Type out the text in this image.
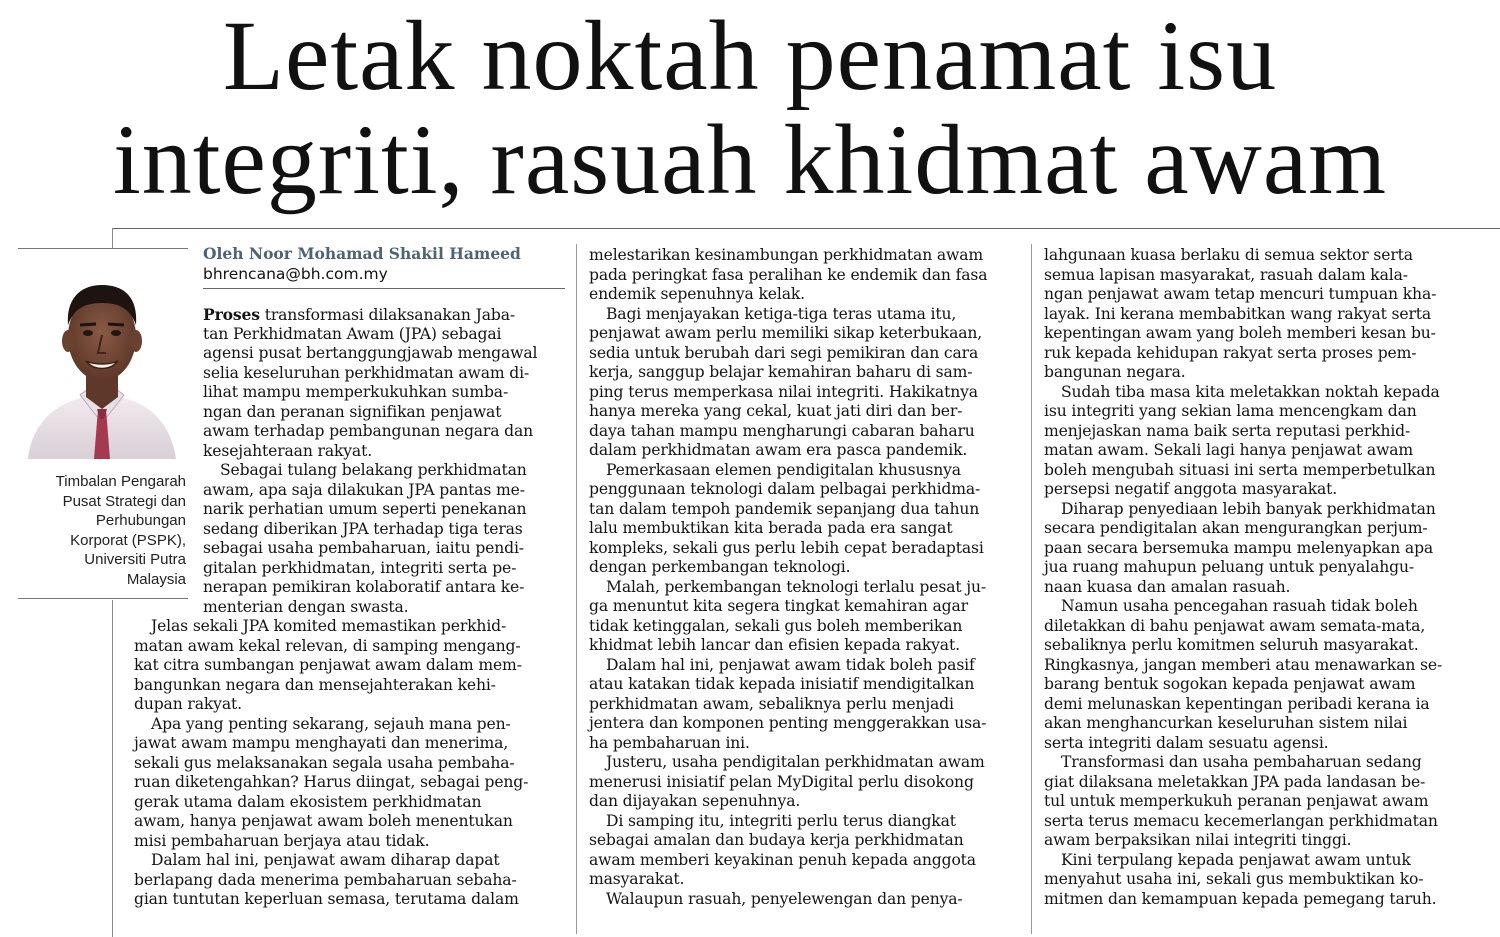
Letak noktah penamat isu
integriti, rasuah khidmat awam
Timbalan Pengarah
Pusat Strategi dan
Perhubungan
Korporat (PSPK),
Universiti Putra
Malaysia
Oleh Noor Mohamad Shakil Hameed
bhrencana@bh.com.my
Proses transformasi dilaksanakan Jaba-
tan Perkhidmatan Awam (JPA) sebagai
agensi pusat bertanggungjawab mengawal
selia keseluruhan perkhidmatan awam di-
lihat mampu memperkukuhkan sumba-
ngan dan peranan signifikan penjawat
awam terhadap pembangunan negara dan
kesejahteraan rakyat.
Sebagai tulang belakang perkhidmatan
awam, apa saja dilakukan JPA pantas me-
narik perhatian umum seperti penekanan
sedang diberikan JPA terhadap tiga teras
sebagai usaha pembaharuan, iaitu pendi-
gitalan perkhidmatan, integriti serta pe-
nerapan pemikiran kolaboratif antara ke-
menterian dengan swasta.
Jelas sekali JPA komited memastikan perkhid-
matan awam kekal relevan, di samping mengang-
kat citra sumbangan penjawat awam dalam mem-
bangunkan negara dan mensejahterakan kehi-
dupan rakyat.
Apa yang penting sekarang, sejauh mana pen-
jawat awam mampu menghayati dan menerima,
sekali gus melaksanakan segala usaha pembaha-
ruan diketengahkan? Harus diingat, sebagai peng-
gerak utama dalam ekosistem perkhidmatan
awam, hanya penjawat awam boleh menentukan
misi pembaharuan berjaya atau tidak.
Dalam hal ini, penjawat awam diharap dapat
berlapang dada menerima pembaharuan sebaha-
gian tuntutan keperluan semasa, terutama dalam
melestarikan kesinambungan perkhidmatan awam
pada peringkat fasa peralihan ke endemik dan fasa
endemik sepenuhnya kelak.
Bagi menjayakan ketiga-tiga teras utama itu,
penjawat awam perlu memiliki sikap keterbukaan,
sedia untuk berubah dari segi pemikiran dan cara
kerja, sanggup belajar kemahiran baharu di sam-
ping terus memperkasa nilai integriti. Hakikatnya
hanya mereka yang cekal, kuat jati diri dan ber-
daya tahan mampu mengharungi cabaran baharu
dalam perkhidmatan awam era pasca pandemik.
Pemerkasaan elemen pendigitalan khususnya
penggunaan teknologi dalam pelbagai perkhidma-
tan dalam tempoh pandemik sepanjang dua tahun
lalu membuktikan kita berada pada era sangat
kompleks, sekali gus perlu lebih cepat beradaptasi
dengan perkembangan teknologi.
Malah, perkembangan teknologi terlalu pesat ju-
ga menuntut kita segera tingkat kemahiran agar
tidak ketinggalan, sekali gus boleh memberikan
khidmat lebih lancar dan efisien kepada rakyat.
Dalam hal ini, penjawat awam tidak boleh pasif
atau katakan tidak kepada inisiatif mendigitalkan
perkhidmatan awam, sebaliknya perlu menjadi
jentera dan komponen penting menggerakkan usa-
ha pembaharuan ini.
Justeru, usaha pendigitalan perkhidmatan awam
menerusi inisiatif pelan MyDigital perlu disokong
dan dijayakan sepenuhnya.
Di samping itu, integriti perlu terus diangkat
sebagai amalan dan budaya kerja perkhidmatan
awam memberi keyakinan penuh kepada anggota
masyarakat.
Walaupun rasuah, penyelewengan dan penya-
lahgunaan kuasa berlaku di semua sektor serta
semua lapisan masyarakat, rasuah dalam kala-
ngan penjawat awam tetap mencuri tumpuan kha-
layak. Ini kerana membabitkan wang rakyat serta
kepentingan awam yang boleh memberi kesan bu-
ruk kepada kehidupan rakyat serta proses pem-
bangunan negara.
Sudah tiba masa kita meletakkan noktah kepada
isu integriti yang sekian lama mencengkam dan
menjejaskan nama baik serta reputasi perkhid-
matan awam. Sekali lagi hanya penjawat awam
boleh mengubah situasi ini serta memperbetulkan
persepsi negatif anggota masyarakat.
Diharap penyediaan lebih banyak perkhidmatan
secara pendigitalan akan mengurangkan perjum-
paan secara bersemuka mampu melenyapkan apa
jua ruang mahupun peluang untuk penyalahgu-
naan kuasa dan amalan rasuah.
Namun usaha pencegahan rasuah tidak boleh
diletakkan di bahu penjawat awam semata-mata,
sebaliknya perlu komitmen seluruh masyarakat.
Ringkasnya, jangan memberi atau menawarkan se-
barang bentuk sogokan kepada penjawat awam
demi melunaskan kepentingan peribadi kerana ia
akan menghancurkan keseluruhan sistem nilai
serta integriti dalam sesuatu agensi.
Transformasi dan usaha pembaharuan sedang
giat dilaksana meletakkan JPA pada landasan be-
tul untuk memperkukuh peranan penjawat awam
serta terus memacu kecemerlangan perkhidmatan
awam berpaksikan nilai integriti tinggi.
Kini terpulang kepada penjawat awam untuk
menyahut usaha ini, sekali gus membuktikan ko-
mitmen dan kemampuan kepada pemegang taruh.
